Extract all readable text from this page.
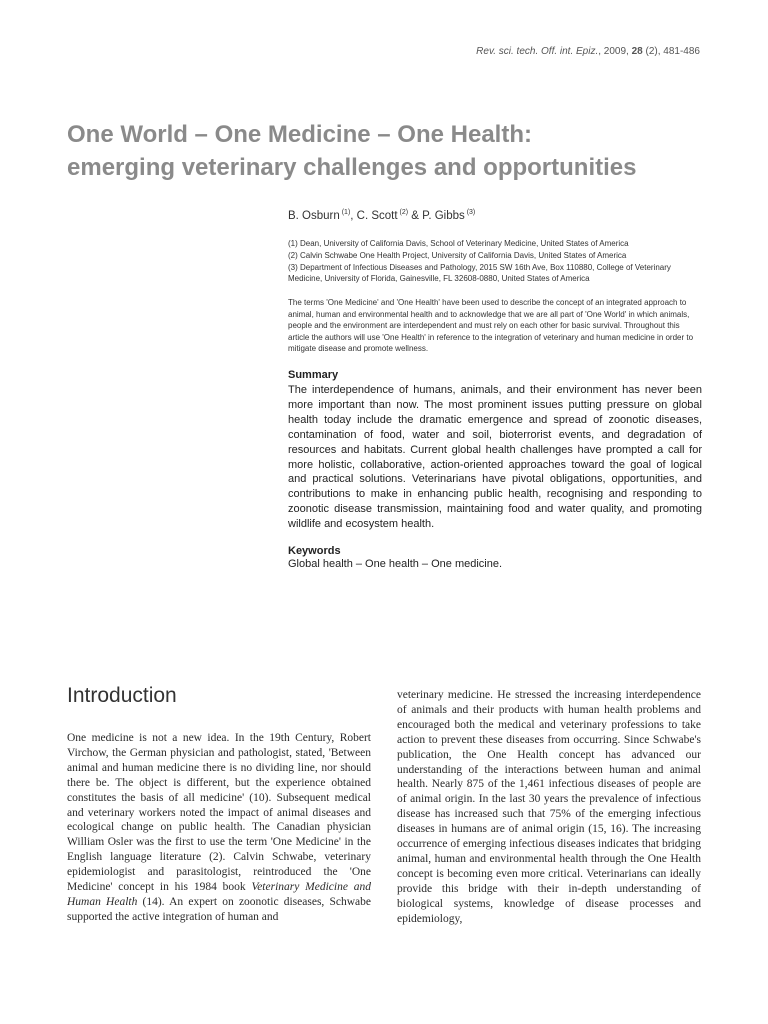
Rev. sci. tech. Off. int. Epiz., 2009, 28 (2), 481-486
One World – One Medicine – One Health:
emerging veterinary challenges and opportunities
B. Osburn $^{(1)}$, C. Scott $^{(2)}$ & P. Gibbs $^{(3)}$
(1) Dean, University of California Davis, School of Veterinary Medicine, United States of America
(2) Calvin Schwabe One Health Project, University of California Davis, United States of America
(3) Department of Infectious Diseases and Pathology, 2015 SW 16th Ave, Box 110880, College of Veterinary Medicine, University of Florida, Gainesville, FL 32608-0880, United States of America
The terms 'One Medicine' and 'One Health' have been used to describe the concept of an integrated approach to animal, human and environmental health and to acknowledge that we are all part of 'One World' in which animals, people and the environment are interdependent and must rely on each other for basic survival. Throughout this article the authors will use 'One Health' in reference to the integration of veterinary and human medicine in order to mitigate disease and promote wellness.
Summary

The interdependence of humans, animals, and their environment has never been more important than now. The most prominent issues putting pressure on global health today include the dramatic emergence and spread of zoonotic diseases, contamination of food, water and soil, bioterrorist events, and degradation of resources and habitats. Current global health challenges have prompted a call for more holistic, collaborative, action-oriented approaches toward the goal of logical and practical solutions. Veterinarians have pivotal obligations, opportunities, and contributions to make in enhancing public health, recognising and responding to zoonotic disease transmission, maintaining food and water quality, and promoting wildlife and ecosystem health.

Keywords

Global health – One health – One medicine.

Introduction

One medicine is not a new idea. In the 19th Century, Robert Virchow, the German physician and pathologist, stated, 'Between animal and human medicine there is no dividing line, nor should there be. The object is different, but the experience obtained constitutes the basis of all medicine' (10). Subsequent medical and veterinary workers noted the impact of animal diseases and ecological change on public health. The Canadian physician William Osler was the first to use the term 'One Medicine' in the English language literature (2). Calvin Schwabe, veterinary epidemiologist and parasitologist, reintroduced the 'One Medicine' concept in his 1984 book Veterinary Medicine and Human Health (14). An expert on zoonotic diseases, Schwabe supported the active integration of human and

veterinary medicine. He stressed the increasing interdependence of animals and their products with human health problems and encouraged both the medical and veterinary professions to take action to prevent these diseases from occurring. Since Schwabe's publication, the One Health concept has advanced our understanding of the interactions between human and animal health. Nearly 875 of the 1,461 infectious diseases of people are of animal origin. In the last 30 years the prevalence of infectious disease has increased such that 75% of the emerging infectious diseases in humans are of animal origin (15, 16). The increasing occurrence of emerging infectious diseases indicates that bridging animal, human and environmental health through the One Health concept is becoming even more critical. Veterinarians can ideally provide this bridge with their in-depth understanding of biological systems, knowledge of disease processes and epidemiology,
